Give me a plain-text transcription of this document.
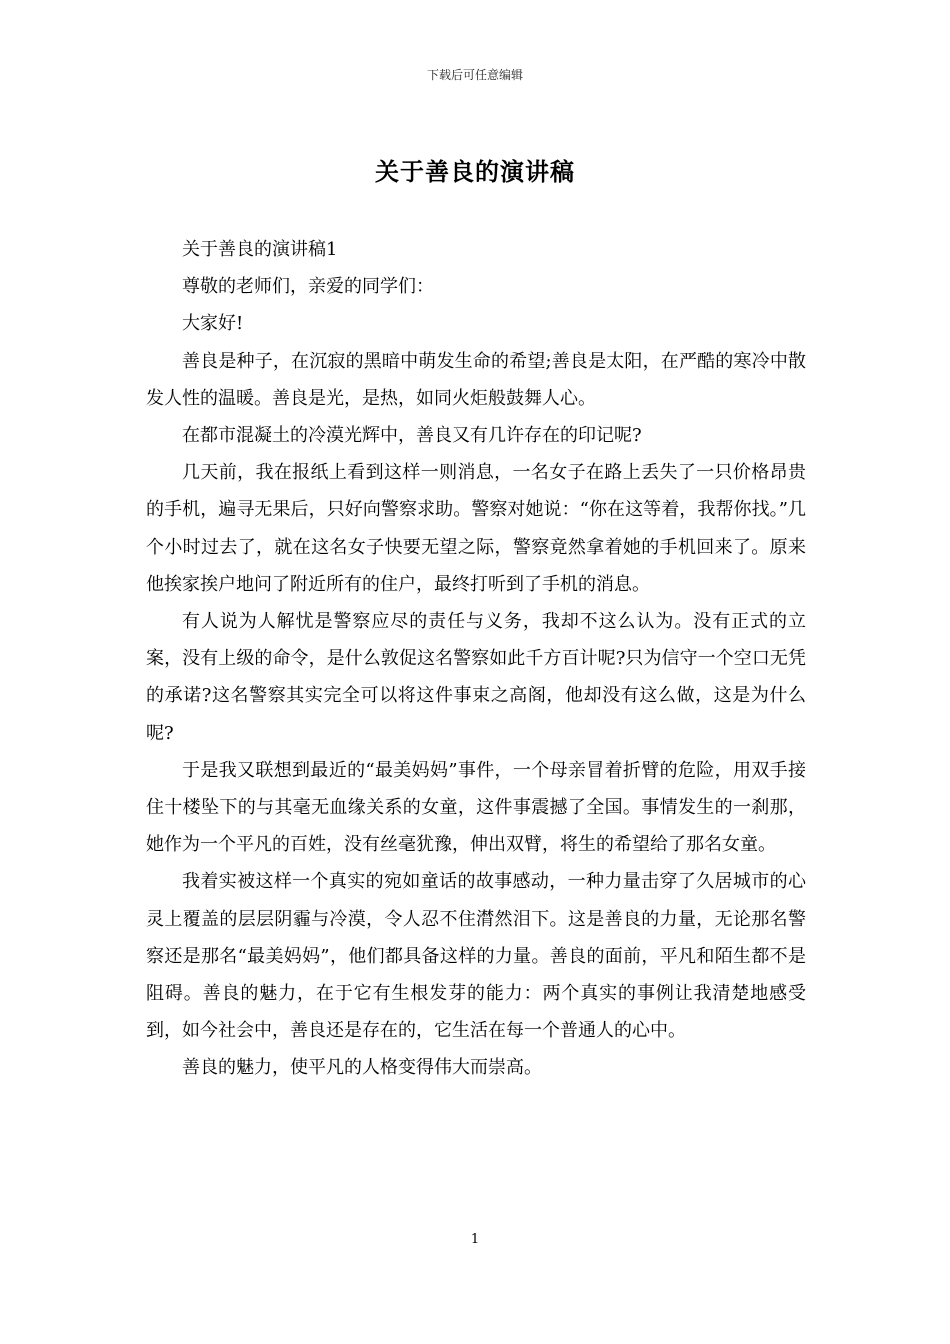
下载后可任意编辑
关于善良的演讲稿

关于善良的演讲稿1

尊敬的老师们，亲爱的同学们：

大家好!

善良是种子，在沉寂的黑暗中萌发生命的希望;善良是太阳，在严酷的寒冷中散发人性的温暖。善良是光，是热，如同火炬般鼓舞人心。

在都市混凝土的冷漠光辉中，善良又有几许存在的印记呢?

几天前，我在报纸上看到这样一则消息，一名女子在路上丢失了一只价格昂贵的手机，遍寻无果后，只好向警察求助。警察对她说：“你在这等着，我帮你找。”几个小时过去了，就在这名女子快要无望之际，警察竟然拿着她的手机回来了。原来他挨家挨户地问了附近所有的住户，最终打听到了手机的消息。

有人说为人解忧是警察应尽的责任与义务，我却不这么认为。没有正式的立案，没有上级的命令，是什么敦促这名警察如此千方百计呢?只为信守一个空口无凭的承诺?这名警察其实完全可以将这件事束之高阁，他却没有这么做，这是为什么呢?

于是我又联想到最近的“最美妈妈”事件，一个母亲冒着折臂的危险，用双手接住十楼坠下的与其毫无血缘关系的女童，这件事震撼了全国。事情发生的一刹那，她作为一个平凡的百姓，没有丝毫犹豫，伸出双臂，将生的希望给了那名女童。

我着实被这样一个真实的宛如童话的故事感动，一种力量击穿了久居城市的心灵上覆盖的层层阴霾与冷漠，令人忍不住潸然泪下。这是善良的力量，无论那名警察还是那名“最美妈妈”，他们都具备这样的力量。善良的面前，平凡和陌生都不是阻碍。善良的魅力，在于它有生根发芽的能力：两个真实的事例让我清楚地感受到，如今社会中，善良还是存在的，它生活在每一个普通人的心中。

善良的魅力，使平凡的人格变得伟大而崇高。

1
